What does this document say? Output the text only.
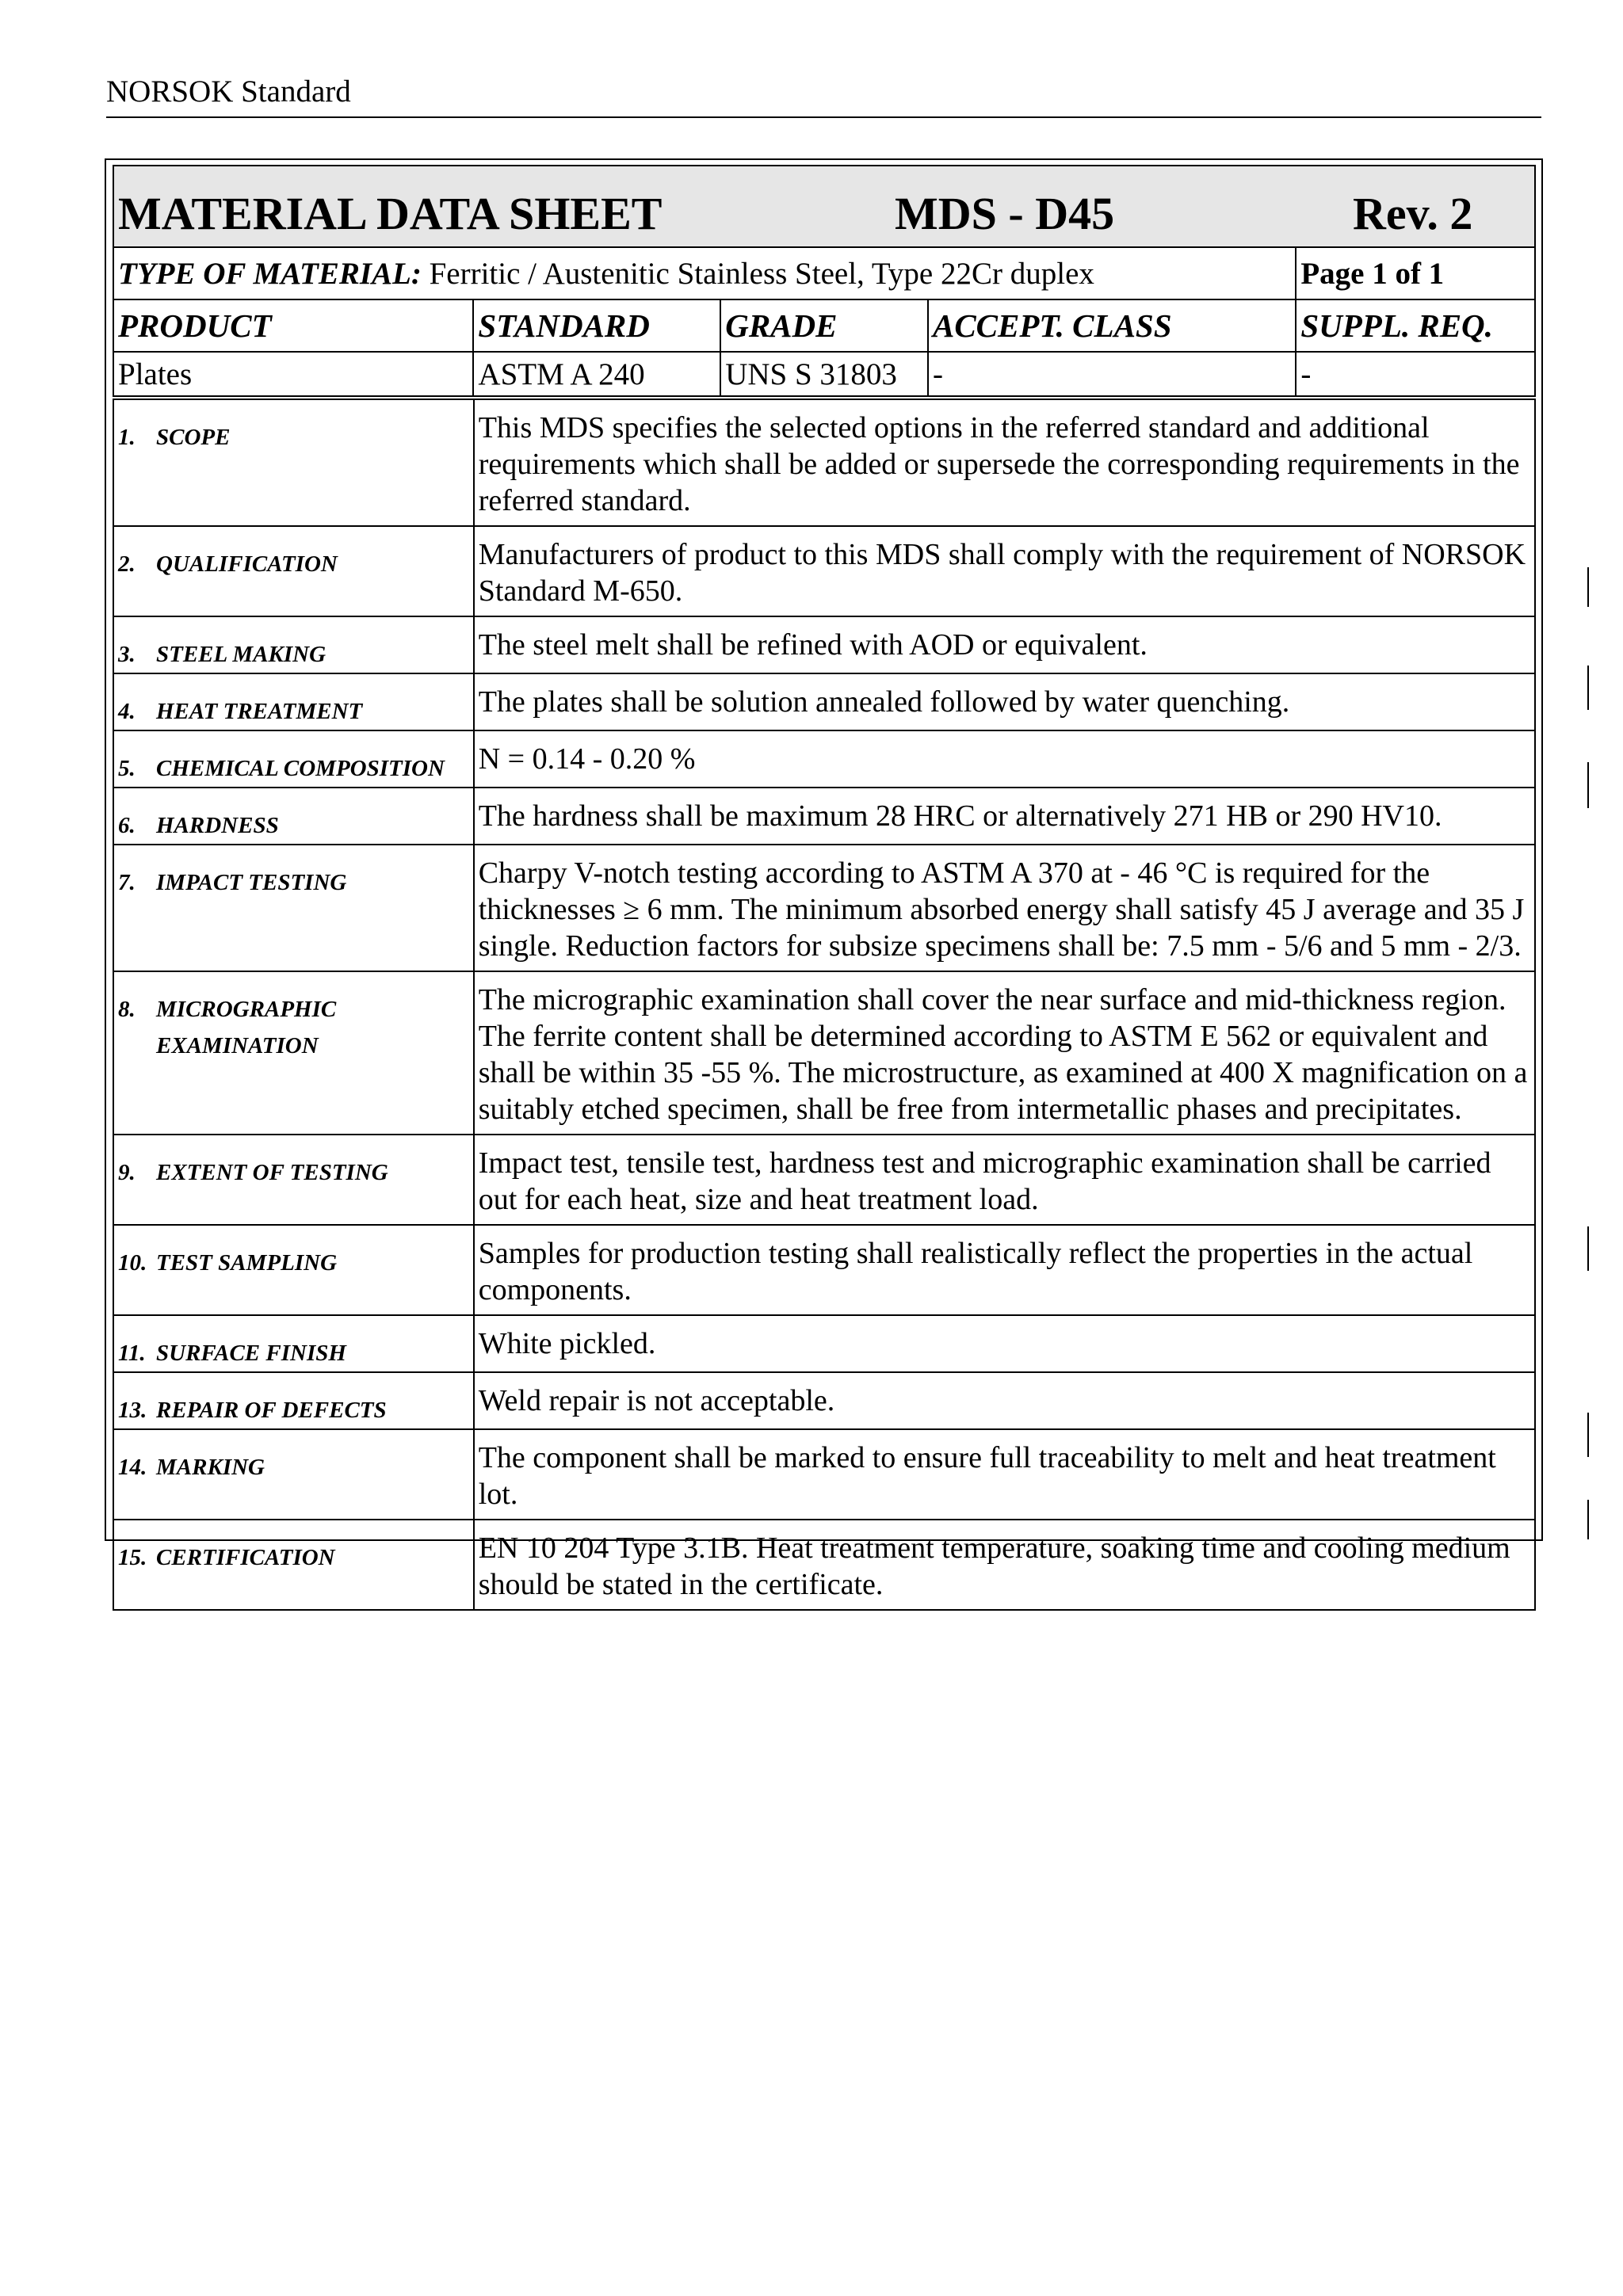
NORSOK Standard
MATERIAL DATA SHEET MDS - D45 Rev. 2				

TYPE OF MATERIAL: Ferritic / Austenitic Stainless Steel, Type 22Cr duplex				Page 1 of 1
PRODUCT	STANDARD	GRADE	ACCEPT. CLASS	SUPPL. REQ.
Plates	ASTM A 240	UNS S 31803	-	-
1. SCOPE	This MDS specifies the selected options in the referred standard and additional requirements which shall be added or supersede the corresponding requirements in the referred standard.
2. QUALIFICATION	Manufacturers of product to this MDS shall comply with the requirement of NORSOK Standard M-650.
3. STEEL MAKING	The steel melt shall be refined with AOD or equivalent.
4. HEAT TREATMENT	The plates shall be solution annealed followed by water quenching.
5. CHEMICAL COMPOSITION	N = 0.14 - 0.20 %
6. HARDNESS	The hardness shall be maximum 28 HRC or alternatively 271 HB or 290 HV10.
7. IMPACT TESTING	Charpy V-notch testing according to ASTM A 370 at - 46 °C is required for the thicknesses ≥ 6 mm. The minimum absorbed energy shall satisfy 45 J average and 35 J single. Reduction factors for subsize specimens shall be: 7.5 mm - 5/6 and 5 mm - 2/3.
8. MICROGRAPHIC
EXAMINATION	The micrographic examination shall cover the near surface and mid-thickness region. The ferrite content shall be determined according to ASTM E 562 or equivalent and shall be within 35 -55 %. The microstructure, as examined at 400 X magnification on a suitably etched specimen, shall be free from intermetallic phases and precipitates.
9. EXTENT OF TESTING	Impact test, tensile test, hardness test and micrographic examination shall be carried out for each heat, size and heat treatment load.
10. TEST SAMPLING	Samples for production testing shall realistically reflect the properties in the actual components.
11. SURFACE FINISH	White pickled.
13. REPAIR OF DEFECTS	Weld repair is not acceptable.
14. MARKING	The component shall be marked to ensure full traceability to melt and heat treatment lot.
15. CERTIFICATION	EN 10 204 Type 3.1B. Heat treatment temperature, soaking time and cooling medium should be stated in the certificate.
